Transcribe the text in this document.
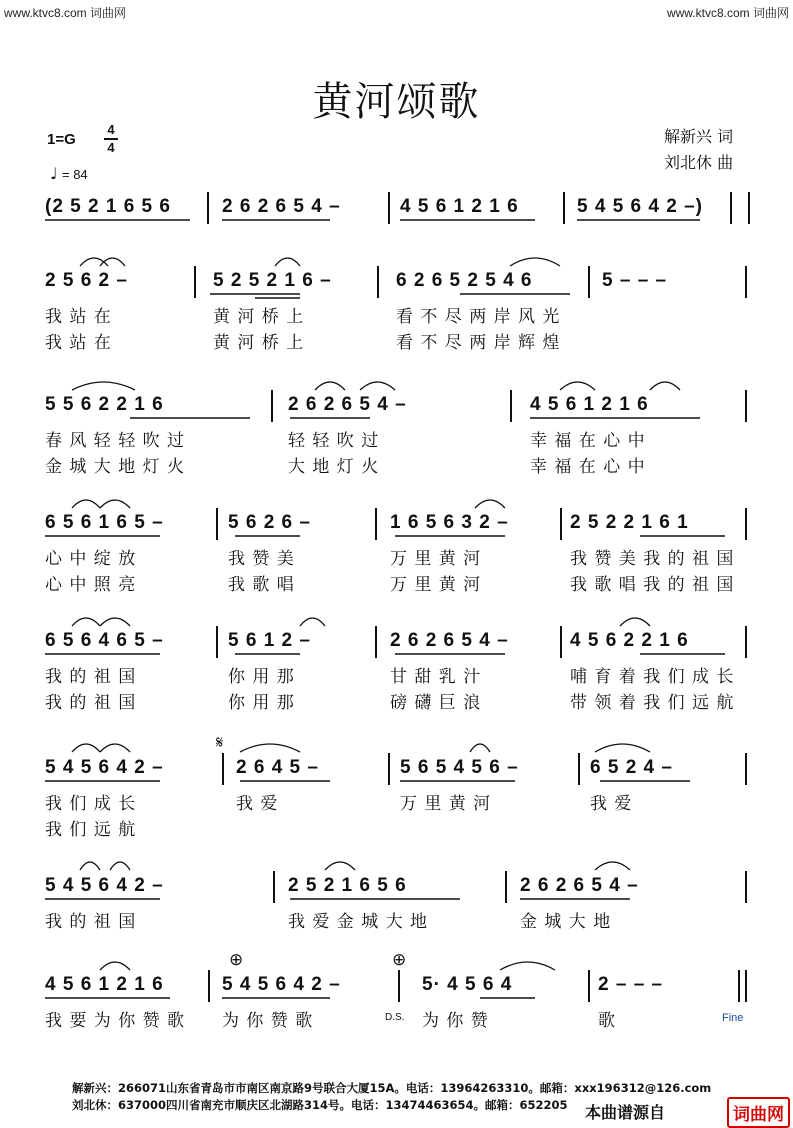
www.ktvc8.com 词曲网	www.ktvc8.com 词曲网
黄河颂歌
1=G
4
4
♩ = 84
解新兴 词
刘北休 曲
(2 5 2 1 6 5 6	2 6 2 6 5 4 –	4 5 6 1 2 1 6	5 4 5 6 4 2 –)
2 5 6 2 –	5 2 5 2 1 6 –	6 2 6 5 2 5 4 6	5 – – –
我 站 在	黄 河 桥 上	看 不 尽 两 岸 风 光
我 站 在	黄 河 桥 上	看 不 尽 两 岸 辉 煌
5 5 6 2 2 1 6	2 6 2 6 5 4 –	4 5 6 1 2 1 6
春 风 轻 轻 吹 过	轻 轻 吹 过	幸 福 在 心 中
金 城 大 地 灯 火	大 地 灯 火	幸 福 在 心 中
6 5 6 1 6 5 –	5 6 2 6 –	1 6 5 6 3 2 –	2 5 2 2 1 6 1
心 中 绽 放	我 赞 美	万 里 黄 河	我 赞 美 我 的 祖 国
心 中 照 亮	我 歌 唱	万 里 黄 河	我 歌 唱 我 的 祖 国
6 5 6 4 6 5 –	5 6 1 2 –	2 6 2 6 5 4 –	4 5 6 2 2 1 6
我 的 祖 国	你 用 那	甘 甜 乳 汁	哺 育 着 我 们 成 长
我 的 祖 国	你 用 那	磅 礴 巨 浪	带 领 着 我 们 远 航
5 4 5 6 4 2 –	2 6 4 5 –	5 6 5 4 5 6 –	6 5 2 4 –
我 们 成 长	我 爱	万 里 黄 河	我 爱
我 们 远 航
5 4 5 6 4 2 –	2 5 2 1 6 5 6	2 6 2 6 5 4 –
我 的 祖 国	我 爱 金 城 大 地	金 城 大 地
4 5 6 1 2 1 6	5 4 5 6 4 2 –	5· 4 5 6 4	2 – – –
我 要 为 你 赞 歌 为 你 赞 歌	为 你 赞	歌
𝄋
⊕	⊕
D.S.	Fine
解新兴：266071山东省青岛市市南区南京路9号联合大厦15A。电话：13964263310。邮箱：xxx196312@126.com
刘北休：637000四川省南充市顺庆区北湖路314号。电话：13474463654。邮箱：652205 本曲谱源自	词曲网
